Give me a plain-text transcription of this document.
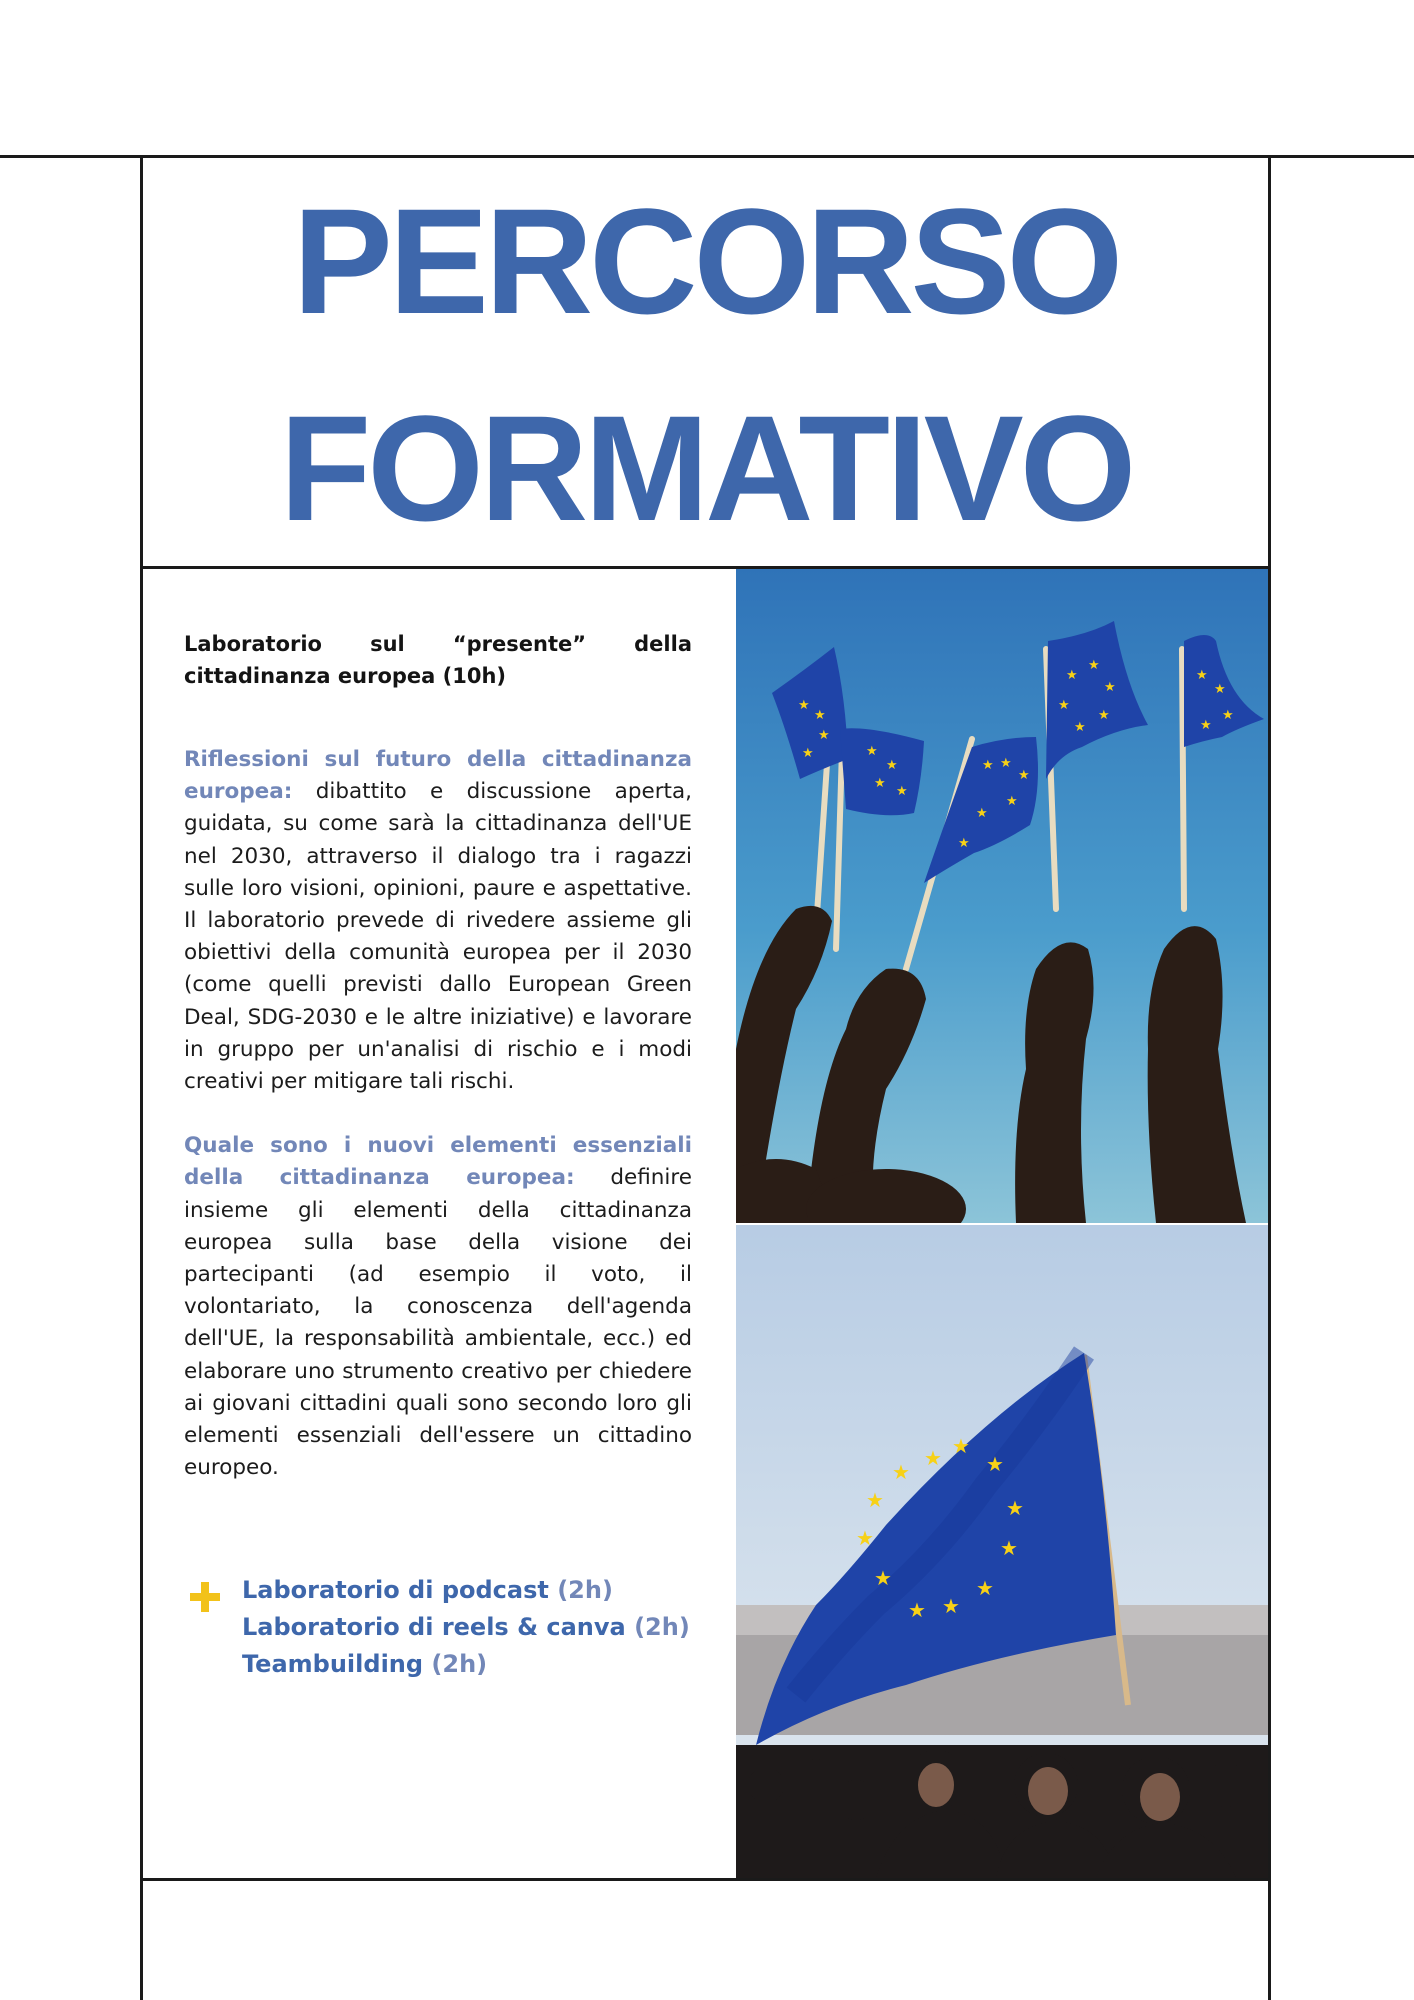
PERCORSO
FORMATIVO

Laboratorio sul “presente” della cittadinanza europea (10h)

Riflessioni sul futuro della cittadinanza europea: dibattito e discussione aperta, guidata, su come sarà la cittadinanza dell'UE nel 2030, attraverso il dialogo tra i ragazzi sulle loro visioni, opinioni, paure e aspettative. Il laboratorio prevede di rivedere assieme gli obiettivi della comunità europea per il 2030 (come quelli previsti dallo European Green Deal, SDG-2030 e le altre iniziative) e lavorare in gruppo per un'analisi di rischio e i modi creativi per mitigare tali rischi.

Quale sono i nuovi elementi essenziali della cittadinanza europea: definire insieme gli elementi della cittadinanza europea sulla base della visione dei partecipanti (ad esempio il voto, il volontariato, la conoscenza dell'agenda dell'UE, la responsabilità ambientale, ecc.) ed elaborare uno strumento creativo per chiedere ai giovani cittadini quali sono secondo loro gli elementi essenziali dell'essere un cittadino europeo.

Laboratorio di podcast (2h)
Laboratorio di reels & canva (2h)
Teambuilding (2h)
★
★
★
★	★
★
★
★
★ ★
★
★
★
★
★
★
★
★
★
★
★
★
★
★
★ ★
★
★
★
★
★
★
★
★
★
★
